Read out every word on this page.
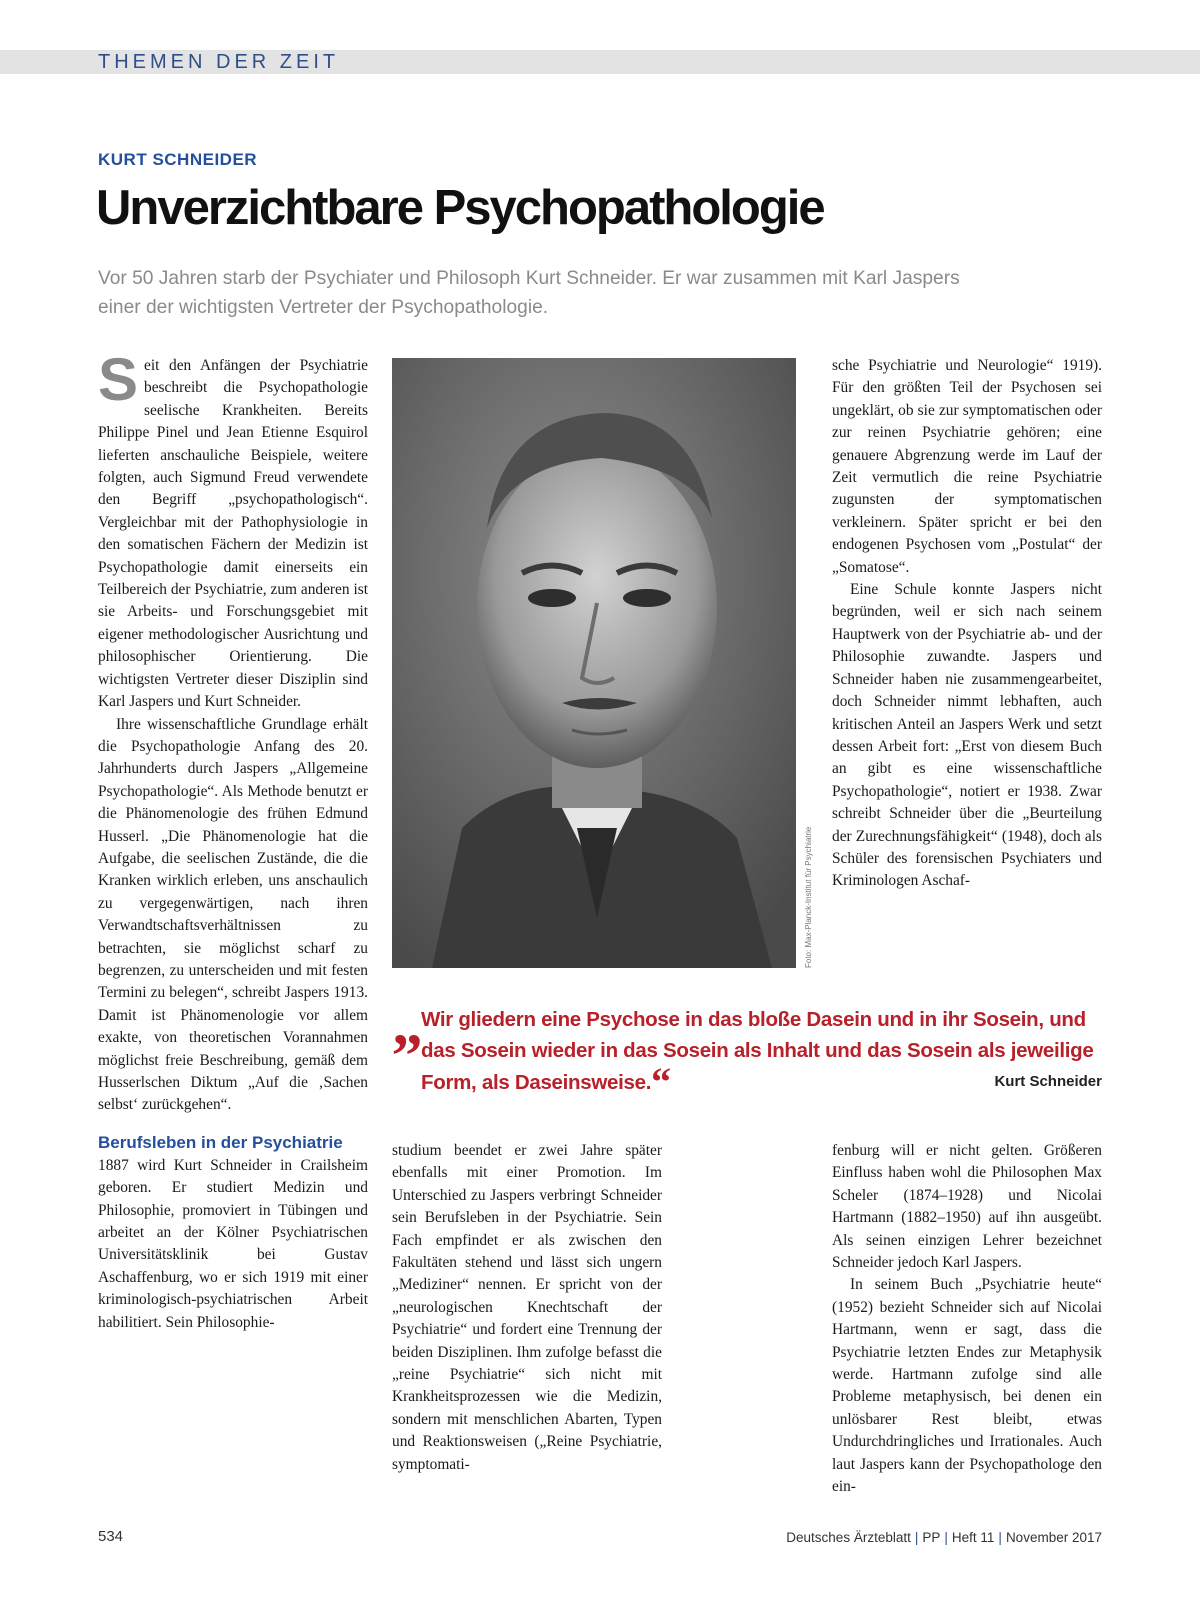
THEMEN DER ZEIT
KURT SCHNEIDER
Unverzichtbare Psychopathologie
Vor 50 Jahren starb der Psychiater und Philosoph Kurt Schneider. Er war zusammen mit Karl Jaspers einer der wichtigsten Vertreter der Psychopathologie.

Seit den Anfängen der Psychiatrie beschreibt die Psychopathologie seelische Krankheiten. Bereits Philippe Pinel und Jean Etienne Esquirol lieferten anschauliche Beispiele, weitere folgten, auch Sigmund Freud verwendete den Begriff „psychopathologisch“. Vergleichbar mit der Pathophysiologie in den somatischen Fächern der Medizin ist Psychopathologie damit einerseits ein Teilbereich der Psychiatrie, zum anderen ist sie Arbeits- und Forschungsgebiet mit eigener methodologischer Ausrichtung und philosophischer Orientierung. Die wichtigsten Vertreter dieser Disziplin sind Karl Jaspers und Kurt Schneider.

Ihre wissenschaftliche Grundlage erhält die Psychopathologie Anfang des 20. Jahrhunderts durch Jaspers „Allgemeine Psychopathologie“. Als Methode benutzt er die Phänomenologie des frühen Edmund Husserl. „Die Phänomenologie hat die Aufgabe, die seelischen Zustände, die die Kranken wirklich erleben, uns anschaulich zu vergegenwärtigen, nach ihren Verwandtschaftsverhältnissen zu betrachten, sie möglichst scharf zu begrenzen, zu unterscheiden und mit festen Termini zu belegen“, schreibt Jaspers 1913. Damit ist Phänomenologie vor allem exakte, von theoretischen Vorannahmen möglichst freie Beschreibung, gemäß dem Husserlschen Diktum „Auf die ‚Sachen selbst‘ zurückgehen“.

Berufsleben in der Psychiatrie

1887 wird Kurt Schneider in Crailsheim geboren. Er studiert Medizin und Philosophie, promoviert in Tübingen und arbeitet an der Kölner Psychiatrischen Universitätsklinik bei Gustav Aschaffenburg, wo er sich 1919 mit einer kriminologisch-psychiatrischen Arbeit habilitiert. Sein Philosophie-

Foto: Max-Planck-Institut für Psychiatrie

sche Psychiatrie und Neurologie“ 1919). Für den größten Teil der Psychosen sei ungeklärt, ob sie zur symptomatischen oder zur reinen Psychiatrie gehören; eine genauere Abgrenzung werde im Lauf der Zeit vermutlich die reine Psychiatrie zugunsten der symptomatischen verkleinern. Später spricht er bei den endogenen Psychosen vom „Postulat“ der „Somatose“.

Eine Schule konnte Jaspers nicht begründen, weil er sich nach seinem Hauptwerk von der Psychiatrie ab- und der Philosophie zuwandte. Jaspers und Schneider haben nie zusammengearbeitet, doch Schneider nimmt lebhaften, auch kritischen Anteil an Jaspers Werk und setzt dessen Arbeit fort: „Erst von diesem Buch an gibt es eine wissenschaftliche Psychopathologie“, notiert er 1938. Zwar schreibt Schneider über die „Beurteilung der Zurechnungsfähigkeit“ (1948), doch als Schüler des forensischen Psychiaters und Kriminologen Aschaf-

„
Wir gliedern eine Psychose in das bloße Dasein und in ihr Sosein, und das Sosein wieder in das Sosein als Inhalt und das Sosein als jeweilige Form, als Daseinsweise.“	Kurt Schneider

studium beendet er zwei Jahre später ebenfalls mit einer Promotion. Im Unterschied zu Jaspers verbringt Schneider sein Berufsleben in der Psychiatrie. Sein Fach empfindet er als zwischen den Fakultäten stehend und lässt sich ungern „Mediziner“ nennen. Er spricht von der „neurologischen Knechtschaft der Psychiatrie“ und fordert eine Trennung der beiden Disziplinen. Ihm zufolge befasst die „reine Psychiatrie“ sich nicht mit Krankheitsprozessen wie die Medizin, sondern mit menschlichen Abarten, Typen und Reaktionsweisen („Reine Psychiatrie, symptomati-

fenburg will er nicht gelten. Größeren Einfluss haben wohl die Philosophen Max Scheler (1874–1928) und Nicolai Hartmann (1882–1950) auf ihn ausgeübt. Als seinen einzigen Lehrer bezeichnet Schneider jedoch Karl Jaspers.

In seinem Buch „Psychiatrie heute“ (1952) bezieht Schneider sich auf Nicolai Hartmann, wenn er sagt, dass die Psychiatrie letzten Endes zur Metaphysik werde. Hartmann zufolge sind alle Probleme metaphysisch, bei denen ein unlösbarer Rest bleibt, etwas Undurchdringliches und Irrationales. Auch laut Jaspers kann der Psychopathologe den ein-

534	Deutsches Ärzteblatt | PP | Heft 11 | November 2017
